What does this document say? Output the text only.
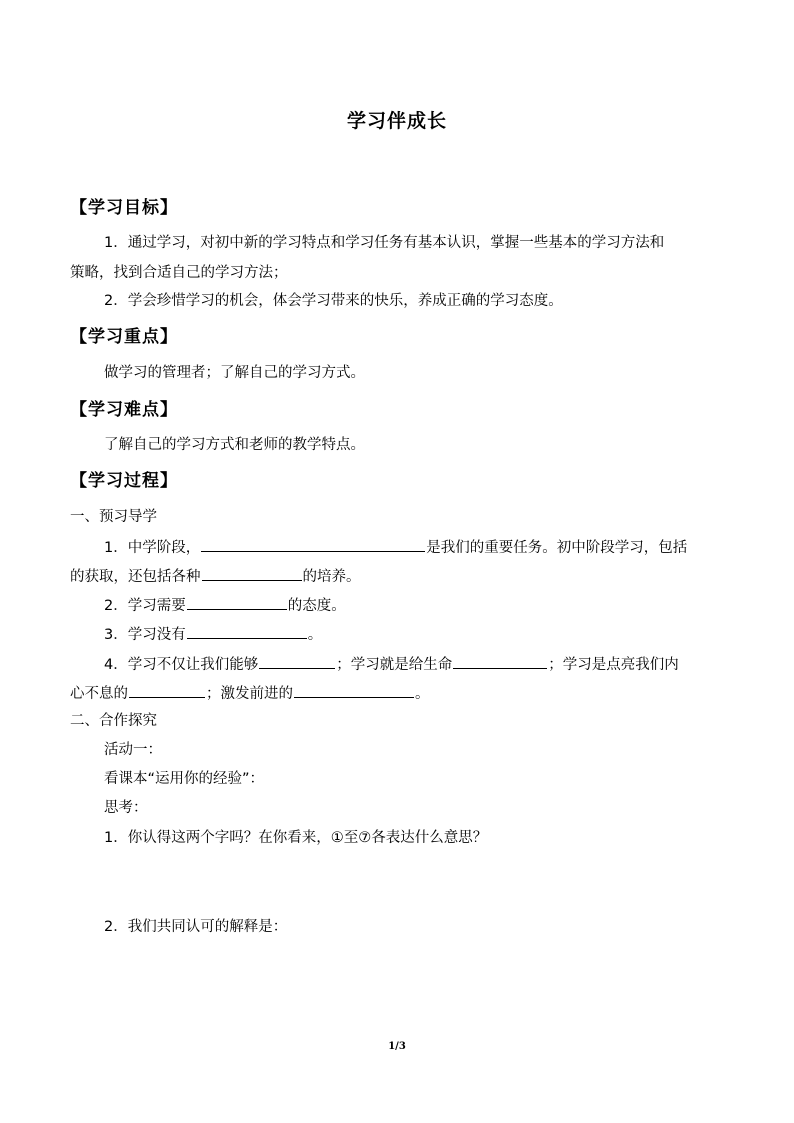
学习伴成长
【学习目标】
1．通过学习，对初中新的学习特点和学习任务有基本认识，掌握一些基本的学习方法和
策略，找到合适自己的学习方法；
2．学会珍惜学习的机会，体会学习带来的快乐，养成正确的学习态度。
【学习重点】
做学习的管理者；了解自己的学习方式。
【学习难点】
了解自己的学习方式和老师的教学特点。
【学习过程】
一、预习导学
1．中学阶段，	是我们的重要任务。初中阶段学习，包括
的获取，还包括各种	的培养。
2．学习需要	的态度。
3．学习没有	。
4．学习不仅让我们能够	；学习就是给生命	；学习是点亮我们内
心不息的	；激发前进的	。
二、合作探究
活动一：
看课本“运用你的经验”：
思考：
1．你认得这两个字吗？在你看来，①至⑦各表达什么意思？
2．我们共同认可的解释是：
1/3
